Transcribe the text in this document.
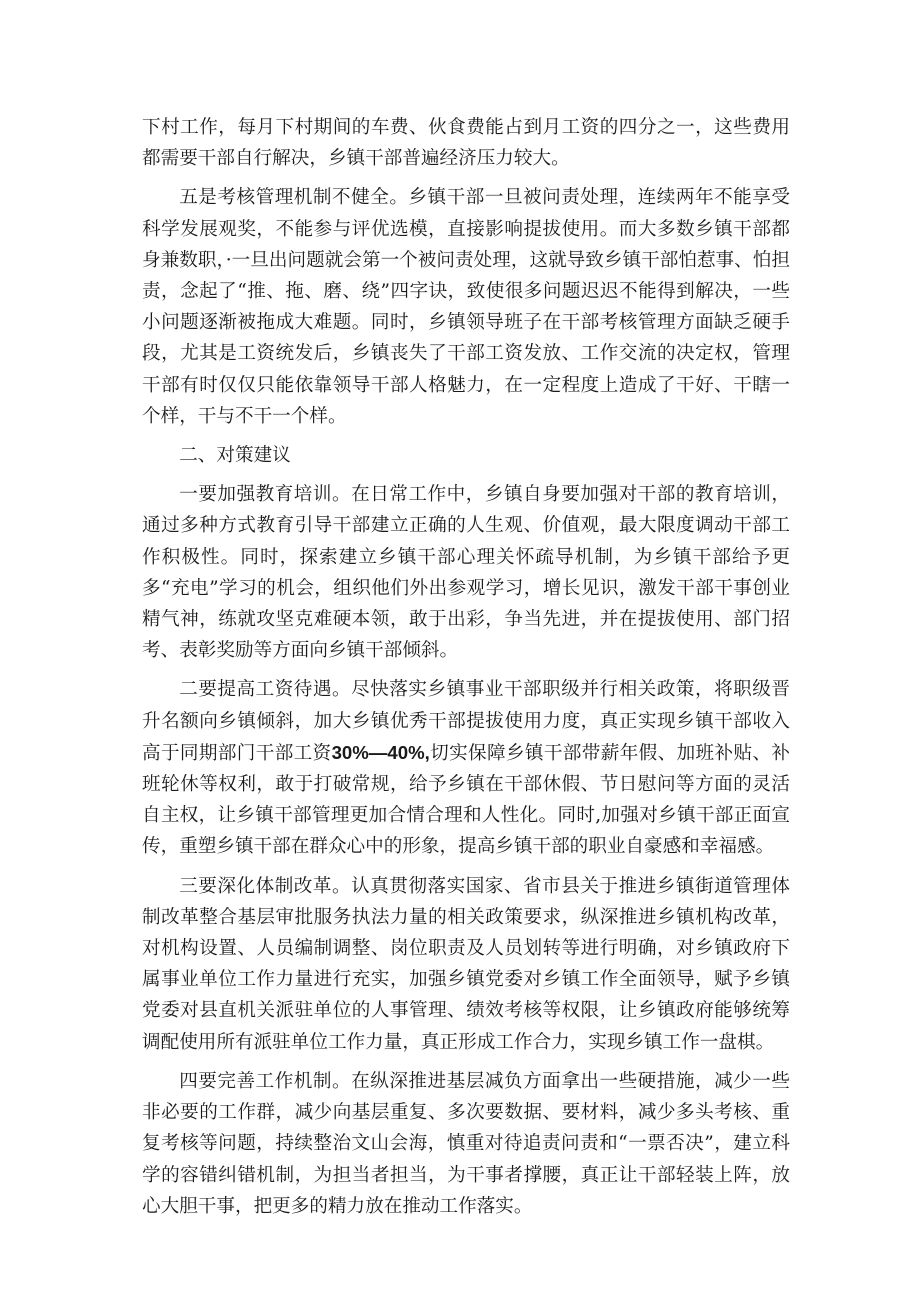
下村工作，每月下村期间的车费、伙食费能占到月工资的四分之一，这些费用都需要干部自行解决，乡镇干部普遍经济压力较大。

五是考核管理机制不健全。乡镇干部一旦被问责处理，连续两年不能享受科学发展观奖，不能参与评优选模，直接影响提拔使用。而大多数乡镇干部都身兼数职，·一旦出问题就会第一个被问责处理，这就导致乡镇干部怕惹事、怕担责，念起了“推、拖、磨、绕”四字诀，致使很多问题迟迟不能得到解决，一些小问题逐渐被拖成大难题。同时，乡镇领导班子在干部考核管理方面缺乏硬手段，尤其是工资统发后，乡镇丧失了干部工资发放、工作交流的决定权，管理干部有时仅仅只能依靠领导干部人格魅力，在一定程度上造成了干好、干瞎一个样，干与不干一个样。

二、对策建议

一要加强教育培训。在日常工作中，乡镇自身要加强对干部的教育培训，通过多种方式教育引导干部建立正确的人生观、价值观，最大限度调动干部工作积极性。同时，探索建立乡镇干部心理关怀疏导机制，为乡镇干部给予更多“充电”学习的机会，组织他们外出参观学习，增长见识，激发干部干事创业精气神，练就攻坚克难硬本领，敢于出彩，争当先进，并在提拔使用、部门招考、表彰奖励等方面向乡镇干部倾斜。

二要提高工资待遇。尽快落实乡镇事业干部职级并行相关政策，将职级晋升名额向乡镇倾斜，加大乡镇优秀干部提拔使用力度，真正实现乡镇干部收入高于同期部门干部工资30%—40%,切实保障乡镇干部带薪年假、加班补贴、补班轮休等权利，敢于打破常规，给予乡镇在干部休假、节日慰问等方面的灵活自主权，让乡镇干部管理更加合情合理和人性化。同时,加强对乡镇干部正面宣传，重塑乡镇干部在群众心中的形象，提高乡镇干部的职业自豪感和幸福感。

三要深化体制改革。认真贯彻落实国家、省市县关于推进乡镇街道管理体制改革整合基层审批服务执法力量的相关政策要求，纵深推进乡镇机构改革，对机构设置、人员编制调整、岗位职责及人员划转等进行明确，对乡镇政府下属事业单位工作力量进行充实，加强乡镇党委对乡镇工作全面领导，赋予乡镇党委对县直机关派驻单位的人事管理、绩效考核等权限，让乡镇政府能够统筹调配使用所有派驻单位工作力量，真正形成工作合力，实现乡镇工作一盘棋。

四要完善工作机制。在纵深推进基层减负方面拿出一些硬措施，减少一些非必要的工作群，减少向基层重复、多次要数据、要材料，减少多头考核、重复考核等问题，持续整治文山会海，慎重对待追责问责和“一票否决”，建立科学的容错纠错机制，为担当者担当，为干事者撑腰，真正让干部轻装上阵，放心大胆干事，把更多的精力放在推动工作落实。
